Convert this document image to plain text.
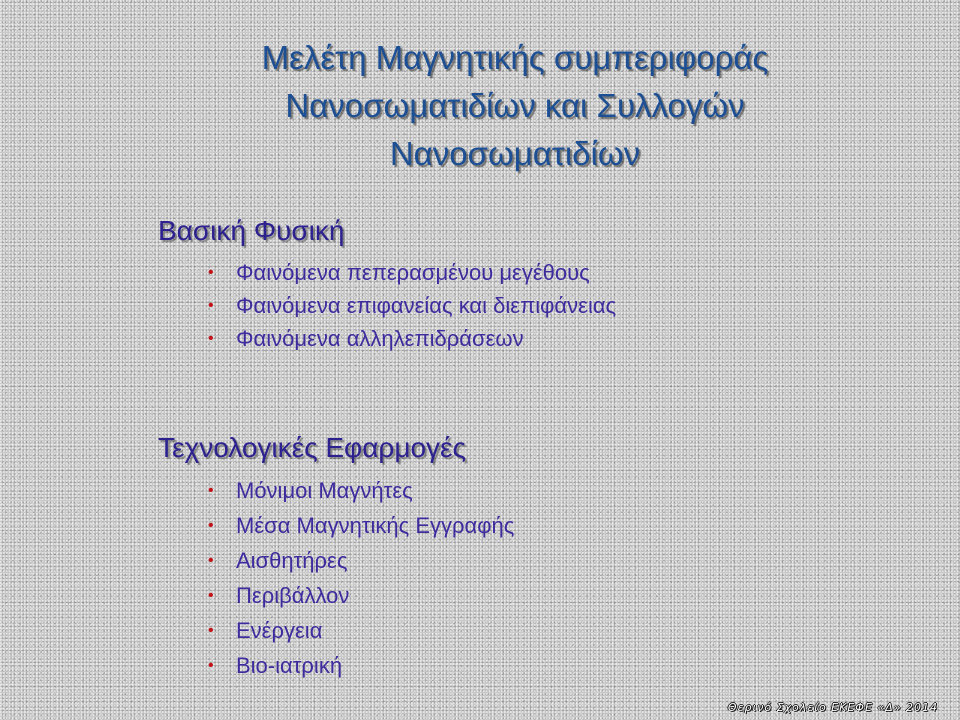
Μελέτη Μαγνητικής συμπεριφοράς
Νανοσωματιδίων και Συλλογών
Νανοσωματιδίων
Βασική Φυσική
• Φαινόμενα πεπερασμένου μεγέθους
• Φαινόμενα επιφανείας και διεπιφάνειας
• Φαινόμενα αλληλεπιδράσεων
Τεχνολογικές Εφαρμογές
• Μόνιμοι Μαγνήτες
• Μέσα Μαγνητικής Εγγραφής
• Αισθητήρες
• Περιβάλλον
• Ενέργεια
• Βιο-ιατρική
Θερινό Σχολείο ΕΚΕΦΕ «Δ» 2014
